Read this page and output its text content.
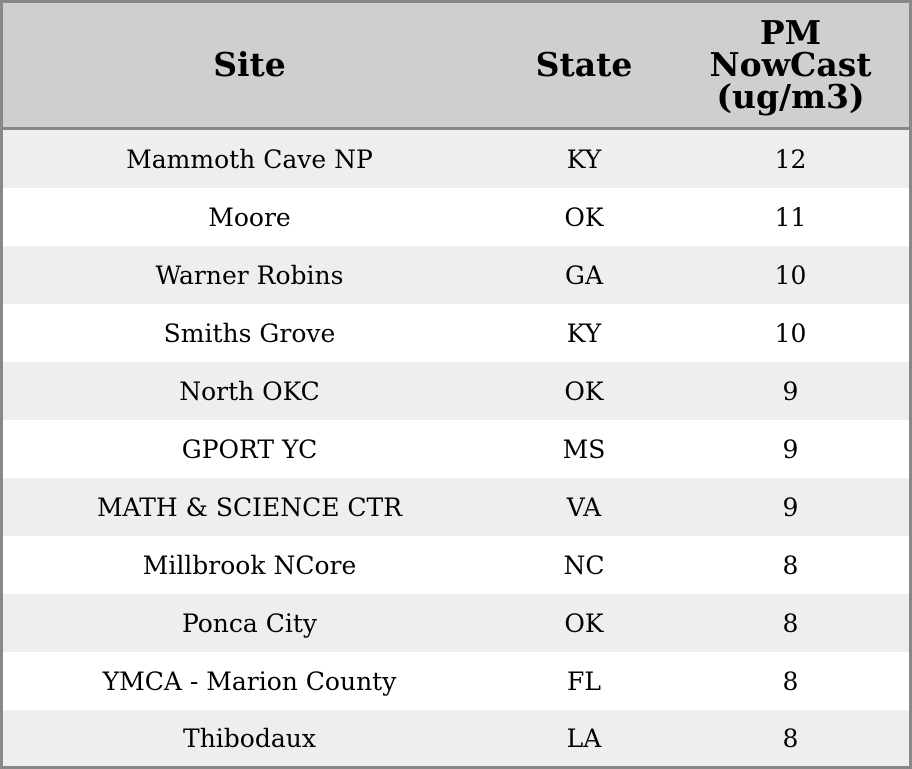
Site	State	PM
NowCast
(ug/m3)

Mammoth Cave NP	KY	12
Moore	OK	11
Warner Robins	GA	10
Smiths Grove	KY	10
North OKC	OK	9
GPORT YC	MS	9
MATH & SCIENCE CTR	VA	9
Millbrook NCore	NC	8
Ponca City	OK	8
YMCA - Marion County	FL	8
Thibodaux	LA	8
